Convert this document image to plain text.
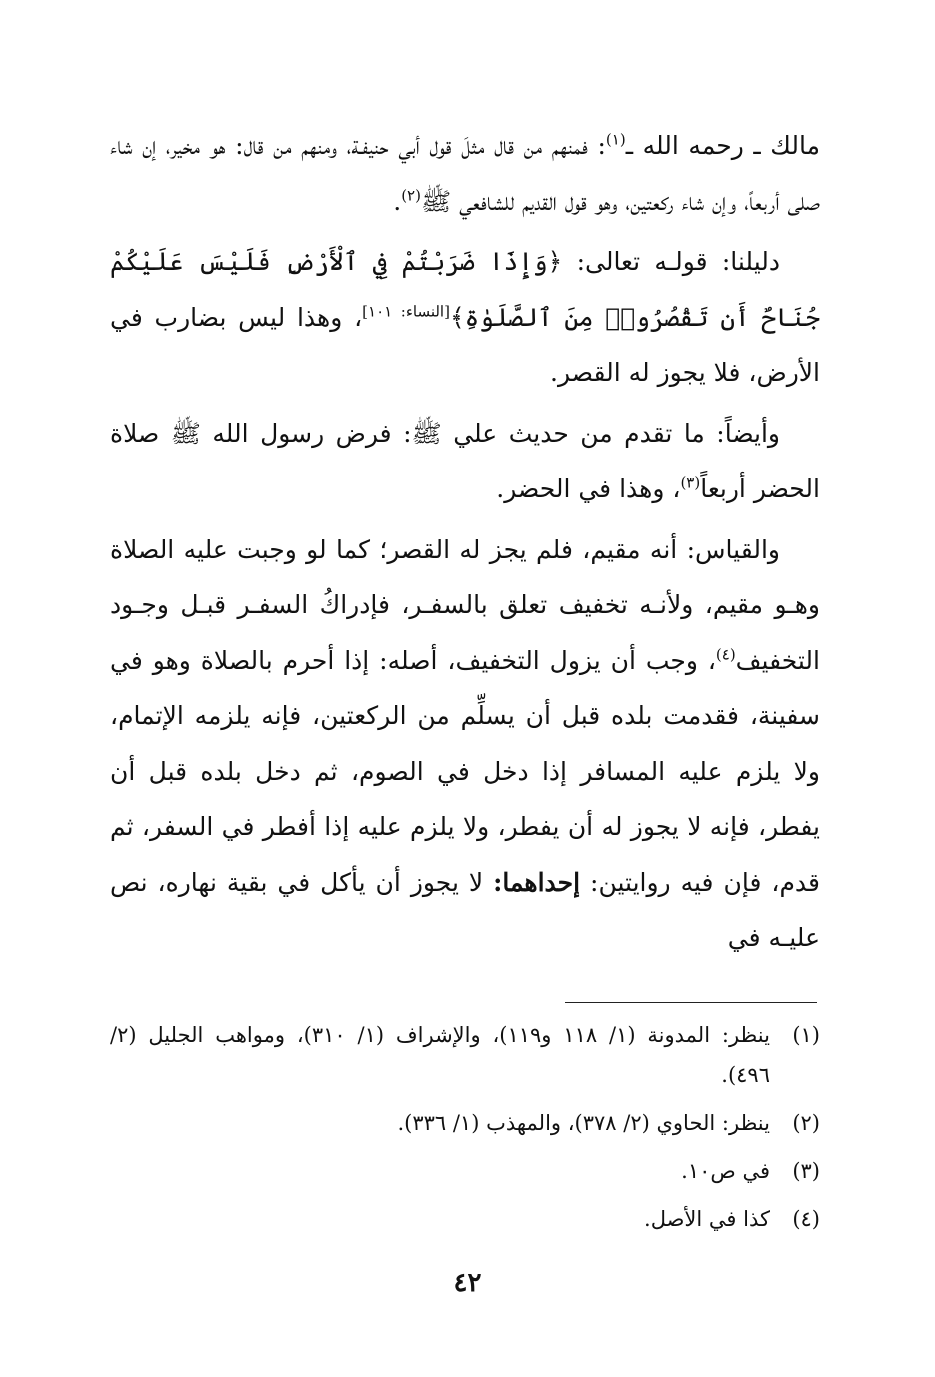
مالك ـ رحمه الله ـ$^{(١)}$: فمنهم من قال مثلَ قول أبي حنيفـة، ومنهم من قال: هو مخير، إن شاء صلى أربعاً، وإن شاء ركعتين، وهو قول القديم للشافعي ﷺ$^{(٢)}$.

دليلنا: قولـه تعالى: ﴿وَإِذَا ضَرَبْتُمْ فِي ٱلْأَرْضِ فَلَيْسَ عَلَيْكُمْ جُنَاحٌ أَن تَقْصُرُوا۟ مِنَ ٱلصَّلَوٰةِ﴾[النساء: ١٠١]، وهذا ليس بضارب في الأرض، فلا يجوز له القصر.

وأيضاً: ما تقدم من حديث علي ﷺ: فرض رسول الله ﷺ صلاة الحضر أربعاً$^{(٣)}$، وهذا في الحضر.

والقياس: أنه مقيم، فلم يجز له القصر؛ كما لو وجبت عليه الصلاة وهـو مقيم، ولأنـه تخفيف تعلق بالسفـر، فإدراكُ السفـر قبـل وجـود التخفيف$^{(٤)}$، وجب أن يزول التخفيف، أصله: إذا أحرم بالصلاة وهو في سفينة، فقدمت بلده قبل أن يسلِّم من الركعتين، فإنه يلزمه الإتمام، ولا يلزم عليه المسافر إذا دخل في الصوم، ثم دخل بلده قبل أن يفطر، فإنه لا يجوز له أن يفطر، ولا يلزم عليه إذا أفطر في السفر، ثم قدم، فإن فيه روايتين: إحداهما: لا يجوز أن يأكل في بقية نهاره، نص عليـه في

(١)
ينظر: المدونة (١/ ١١٨ و١١٩)، والإشراف (١/ ٣١٠)، ومواهب الجليل (٢/ ٤٩٦).
(٢)
ينظر: الحاوي (٢/ ٣٧٨)، والمهذب (١/ ٣٣٦).
(٣)
في ص١٠.
(٤)
كذا في الأصل.
٤٢
